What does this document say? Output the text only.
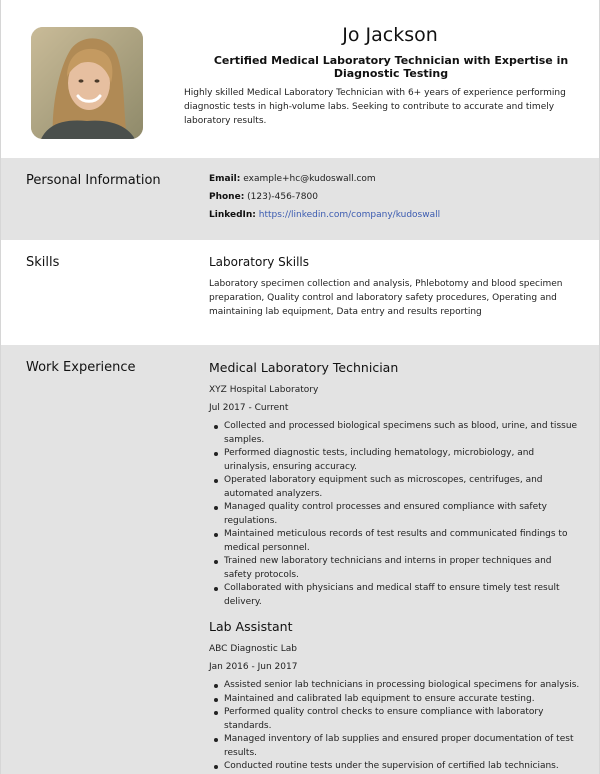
Jo Jackson
Certified Medical Laboratory Technician with Expertise in Diagnostic Testing

Highly skilled Medical Laboratory Technician with 6+ years of experience performing diagnostic tests in high-volume labs. Seeking to contribute to accurate and timely laboratory results.

Personal Information	Email: example+hc@kudoswall.com

Phone: (123)-456-7800

LinkedIn: https://linkedin.com/company/kudoswall

Skills	Laboratory Skills

Laboratory specimen collection and analysis, Phlebotomy and blood specimen preparation, Quality control and laboratory safety procedures, Operating and maintaining lab equipment, Data entry and results reporting

Work Experience	Medical Laboratory Technician

XYZ Hospital Laboratory

Jul 2017 - Current

Collected and processed biological specimens such as blood, urine, and tissue samples.
Performed diagnostic tests, including hematology, microbiology, and urinalysis, ensuring accuracy.
Operated laboratory equipment such as microscopes, centrifuges, and automated analyzers.
Managed quality control processes and ensured compliance with safety regulations.
Maintained meticulous records of test results and communicated findings to medical personnel.
Trained new laboratory technicians and interns in proper techniques and safety protocols.
Collaborated with physicians and medical staff to ensure timely test result delivery.

Lab Assistant

ABC Diagnostic Lab

Jan 2016 - Jun 2017

Assisted senior lab technicians in processing biological specimens for analysis.
Maintained and calibrated lab equipment to ensure accurate testing.
Performed quality control checks to ensure compliance with laboratory standards.
Managed inventory of lab supplies and ensured proper documentation of test results.
Conducted routine tests under the supervision of certified lab technicians.
